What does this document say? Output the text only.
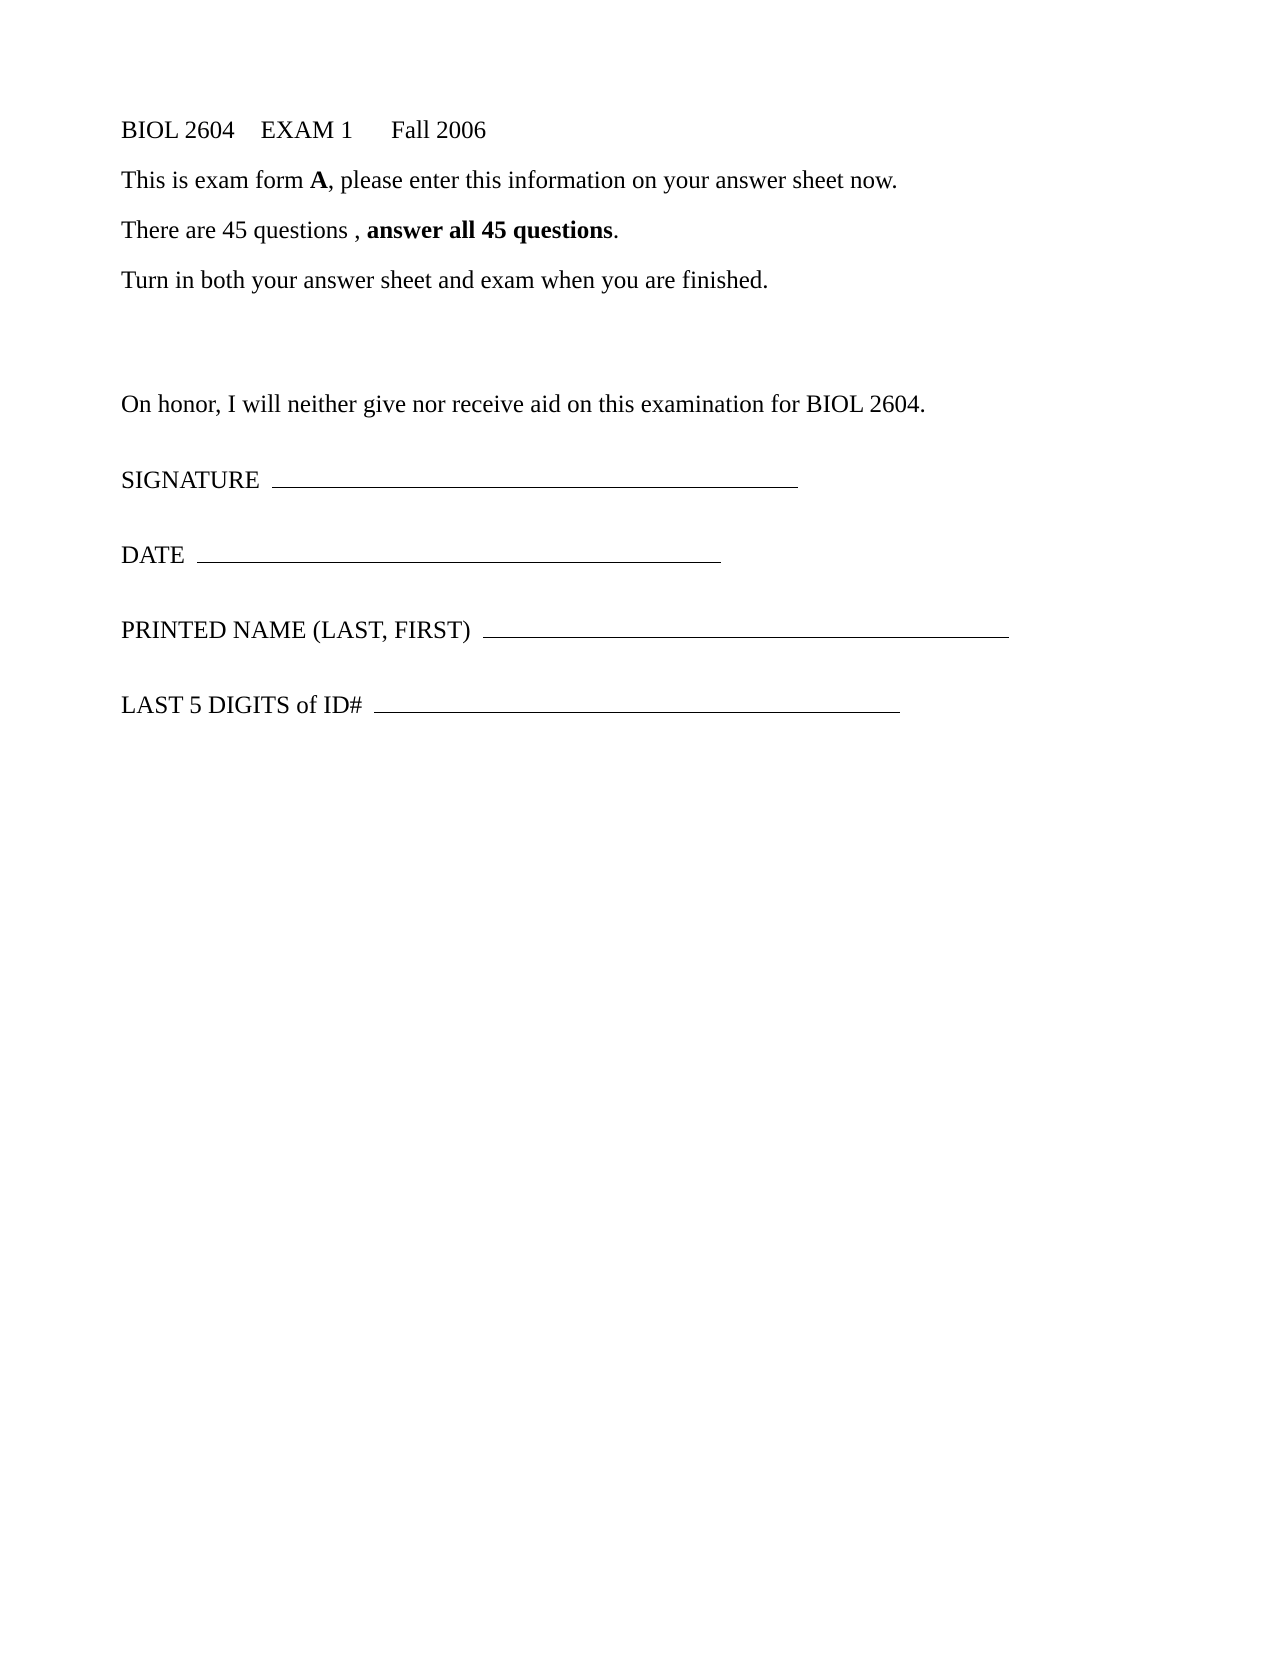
BIOL 2604 EXAM 1 Fall 2006
This is exam form A, please enter this information on your answer sheet now.
There are 45 questions , answer all 45 questions.
Turn in both your answer sheet and exam when you are finished.
On honor, I will neither give nor receive aid on this examination for BIOL 2604.
SIGNATURE
DATE
PRINTED NAME (LAST, FIRST)
LAST 5 DIGITS of ID#
